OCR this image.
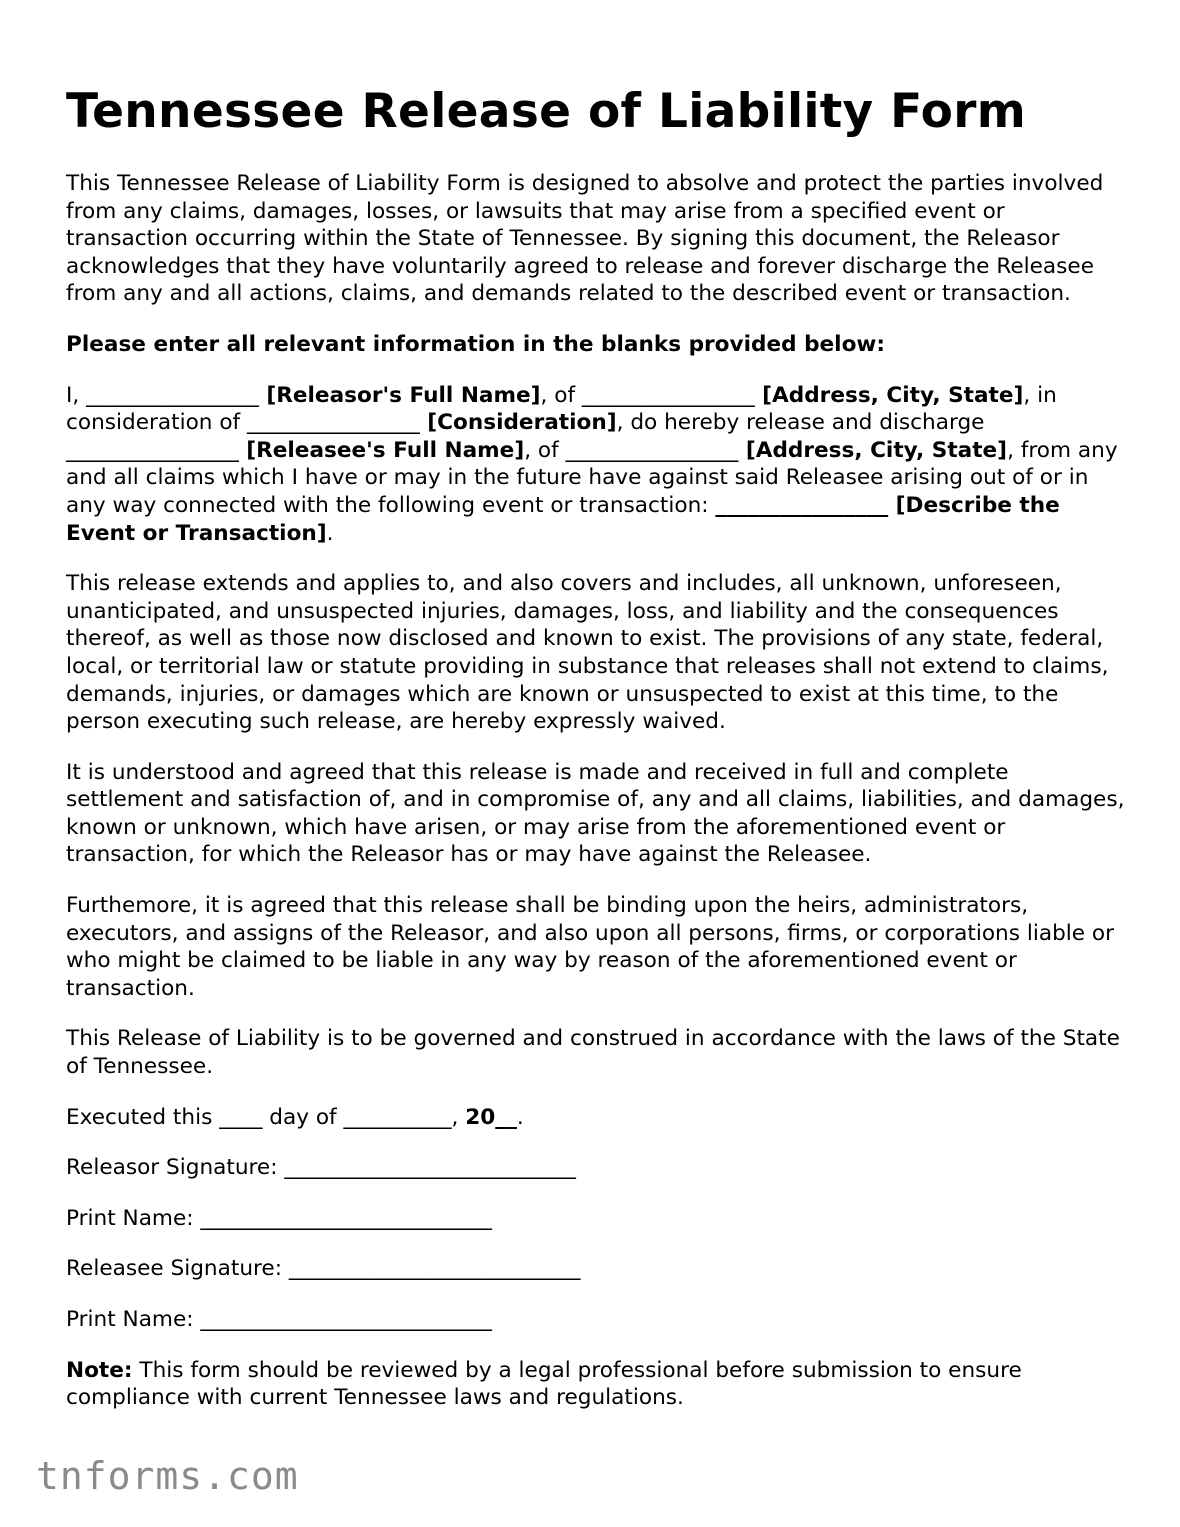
Tennessee Release of Liability Form

This Tennessee Release of Liability Form is designed to absolve and protect the parties involved from any claims, damages, losses, or lawsuits that may arise from a specified event or transaction occurring within the State of Tennessee. By signing this document, the Releasor acknowledges that they have voluntarily agreed to release and forever discharge the Releasee from any and all actions, claims, and demands related to the described event or transaction.

Please enter all relevant information in the blanks provided below:

I, ________________ [Releasor's Full Name], of ________________ [Address, City, State], in consideration of ________________ [Consideration], do hereby release and discharge ________________ [Releasee's Full Name], of ________________ [Address, City, State], from any and all claims which I have or may in the future have against said Releasee arising out of or in any way connected with the following event or transaction: ________________ [Describe the Event or Transaction].

This release extends and applies to, and also covers and includes, all unknown, unforeseen, unanticipated, and unsuspected injuries, damages, loss, and liability and the consequences thereof, as well as those now disclosed and known to exist. The provisions of any state, federal, local, or territorial law or statute providing in substance that releases shall not extend to claims, demands, injuries, or damages which are known or unsuspected to exist at this time, to the person executing such release, are hereby expressly waived.

It is understood and agreed that this release is made and received in full and complete settlement and satisfaction of, and in compromise of, any and all claims, liabilities, and damages, known or unknown, which have arisen, or may arise from the aforementioned event or transaction, for which the Releasor has or may have against the Releasee.

Furthemore, it is agreed that this release shall be binding upon the heirs, administrators, executors, and assigns of the Releasor, and also upon all persons, firms, or corporations liable or who might be claimed to be liable in any way by reason of the aforementioned event or transaction.

This Release of Liability is to be governed and construed in accordance with the laws of the State of Tennessee.

Executed this ____ day of __________, 20__.

Releasor Signature: ___________________________

Print Name: ___________________________

Releasee Signature: ___________________________

Print Name: ___________________________

Note: This form should be reviewed by a legal professional before submission to ensure compliance with current Tennessee laws and regulations.

tnforms.com
